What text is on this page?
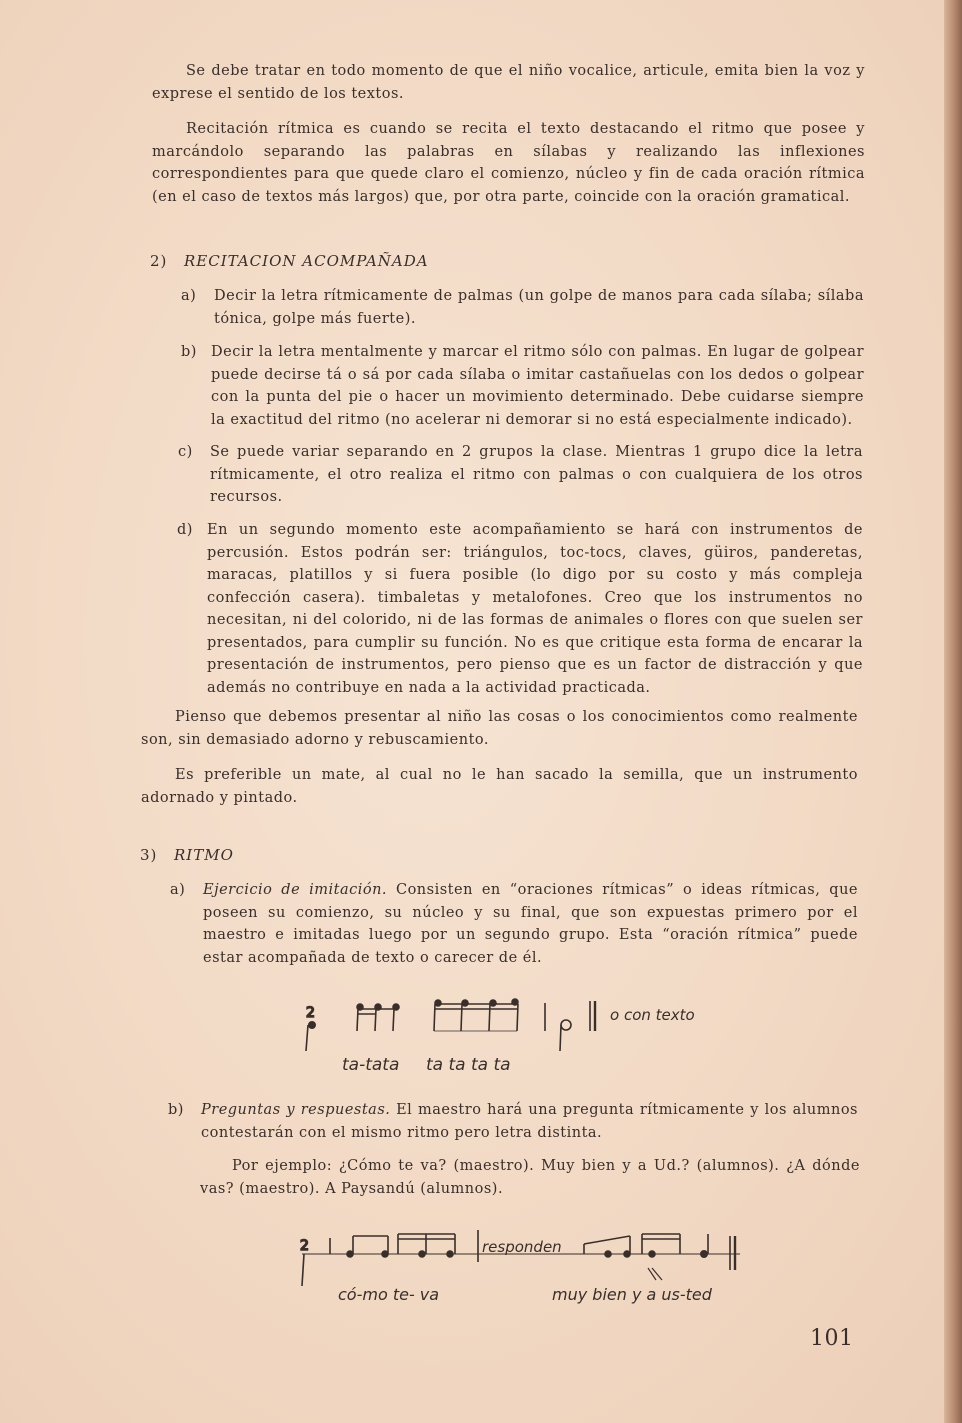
Se debe tratar en todo momento de que el niño vocalice, articule, emita bien la voz y exprese el sentido de los textos.

Recitación rítmica es cuando se recita el texto destacando el ritmo que posee y marcándolo separando las palabras en sílabas y realizando las inflexiones correspondientes para que quede claro el comienzo, núcleo y fin de cada oración rítmica (en el caso de textos más largos) que, por otra parte, coincide con la oración gramatical.

2) RECITACION ACOMPAÑADA
a) Decir la letra rítmicamente de palmas (un golpe de manos para cada sílaba; sílaba tónica, golpe más fuerte).
b) Decir la letra mentalmente y marcar el ritmo sólo con palmas. En lugar de golpear puede decirse tá o sá por cada sílaba o imitar castañuelas con los dedos o golpear con la punta del pie o hacer un movimiento determinado. Debe cuidarse siempre la exactitud del ritmo (no acelerar ni demorar si no está especialmente indicado).
c) Se puede variar separando en 2 grupos la clase. Mientras 1 grupo dice la letra rítmicamente, el otro realiza el ritmo con palmas o con cualquiera de los otros recursos.
d) En un segundo momento este acompañamiento se hará con instrumentos de percusión. Estos podrán ser: triángulos, toc-tocs, claves, güiros, panderetas, maracas, platillos y si fuera posible (lo digo por su costo y más compleja confección casera). timbaletas y metalofones. Creo que los instrumentos no necesitan, ni del colorido, ni de las formas de animales o flores con que suelen ser presentados, para cumplir su función. No es que critique esta forma de encarar la presentación de instrumentos, pero pienso que es un factor de distracción y que además no contribuye en nada a la actividad practicada.

Pienso que debemos presentar al niño las cosas o los conocimientos como realmente son, sin demasiado adorno y rebuscamiento.

Es preferible un mate, al cual no le han sacado la semilla, que un instrumento adornado y pintado.

3) RITMO
a) Ejercicio de imitación. Consisten en “oraciones rítmicas” o ideas rítmicas, que poseen su comienzo, su núcleo y su final, que son expuestas primero por el maestro e imitadas luego por un segundo grupo. Esta “oración rítmica” puede estar acompañada de texto o carecer de él.
2	o con texto
ta-tata ta ta ta ta
b) Preguntas y respuestas. El maestro hará una pregunta rítmicamente y los alumnos contestarán con el mismo ritmo pero letra distinta.

Por ejemplo: ¿Cómo te va? (maestro). Muy bien y a Ud.? (alumnos). ¿A dónde vas? (maestro). A Paysandú (alumnos).

2	responden
có-mo te- va	muy bien y a us-ted
101
